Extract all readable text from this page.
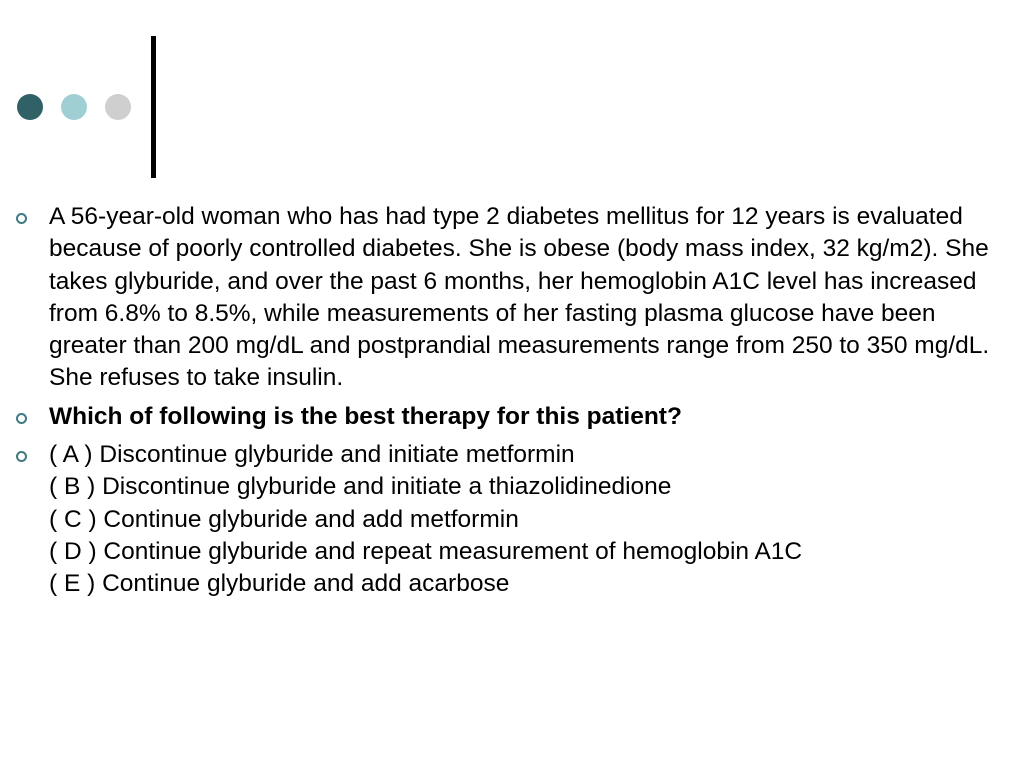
A 56-year-old woman who has had type 2 diabetes mellitus for 12 years is evaluated because of poorly controlled diabetes. She is obese (body mass index, 32 kg/m2). She takes glyburide, and over the past 6 months, her hemoglobin A1C level has increased from 6.8% to 8.5%, while measurements of her fasting plasma glucose have been greater than 200 mg/dL and postprandial measurements range from 250 to 350 mg/dL. She refuses to take insulin.
Which of following is the best therapy for this patient?
( A ) Discontinue glyburide and initiate metformin
( B ) Discontinue glyburide and initiate a thiazolidinedione
( C ) Continue glyburide and add metformin
( D ) Continue glyburide and repeat measurement of hemoglobin A1C
( E ) Continue glyburide and add acarbose
